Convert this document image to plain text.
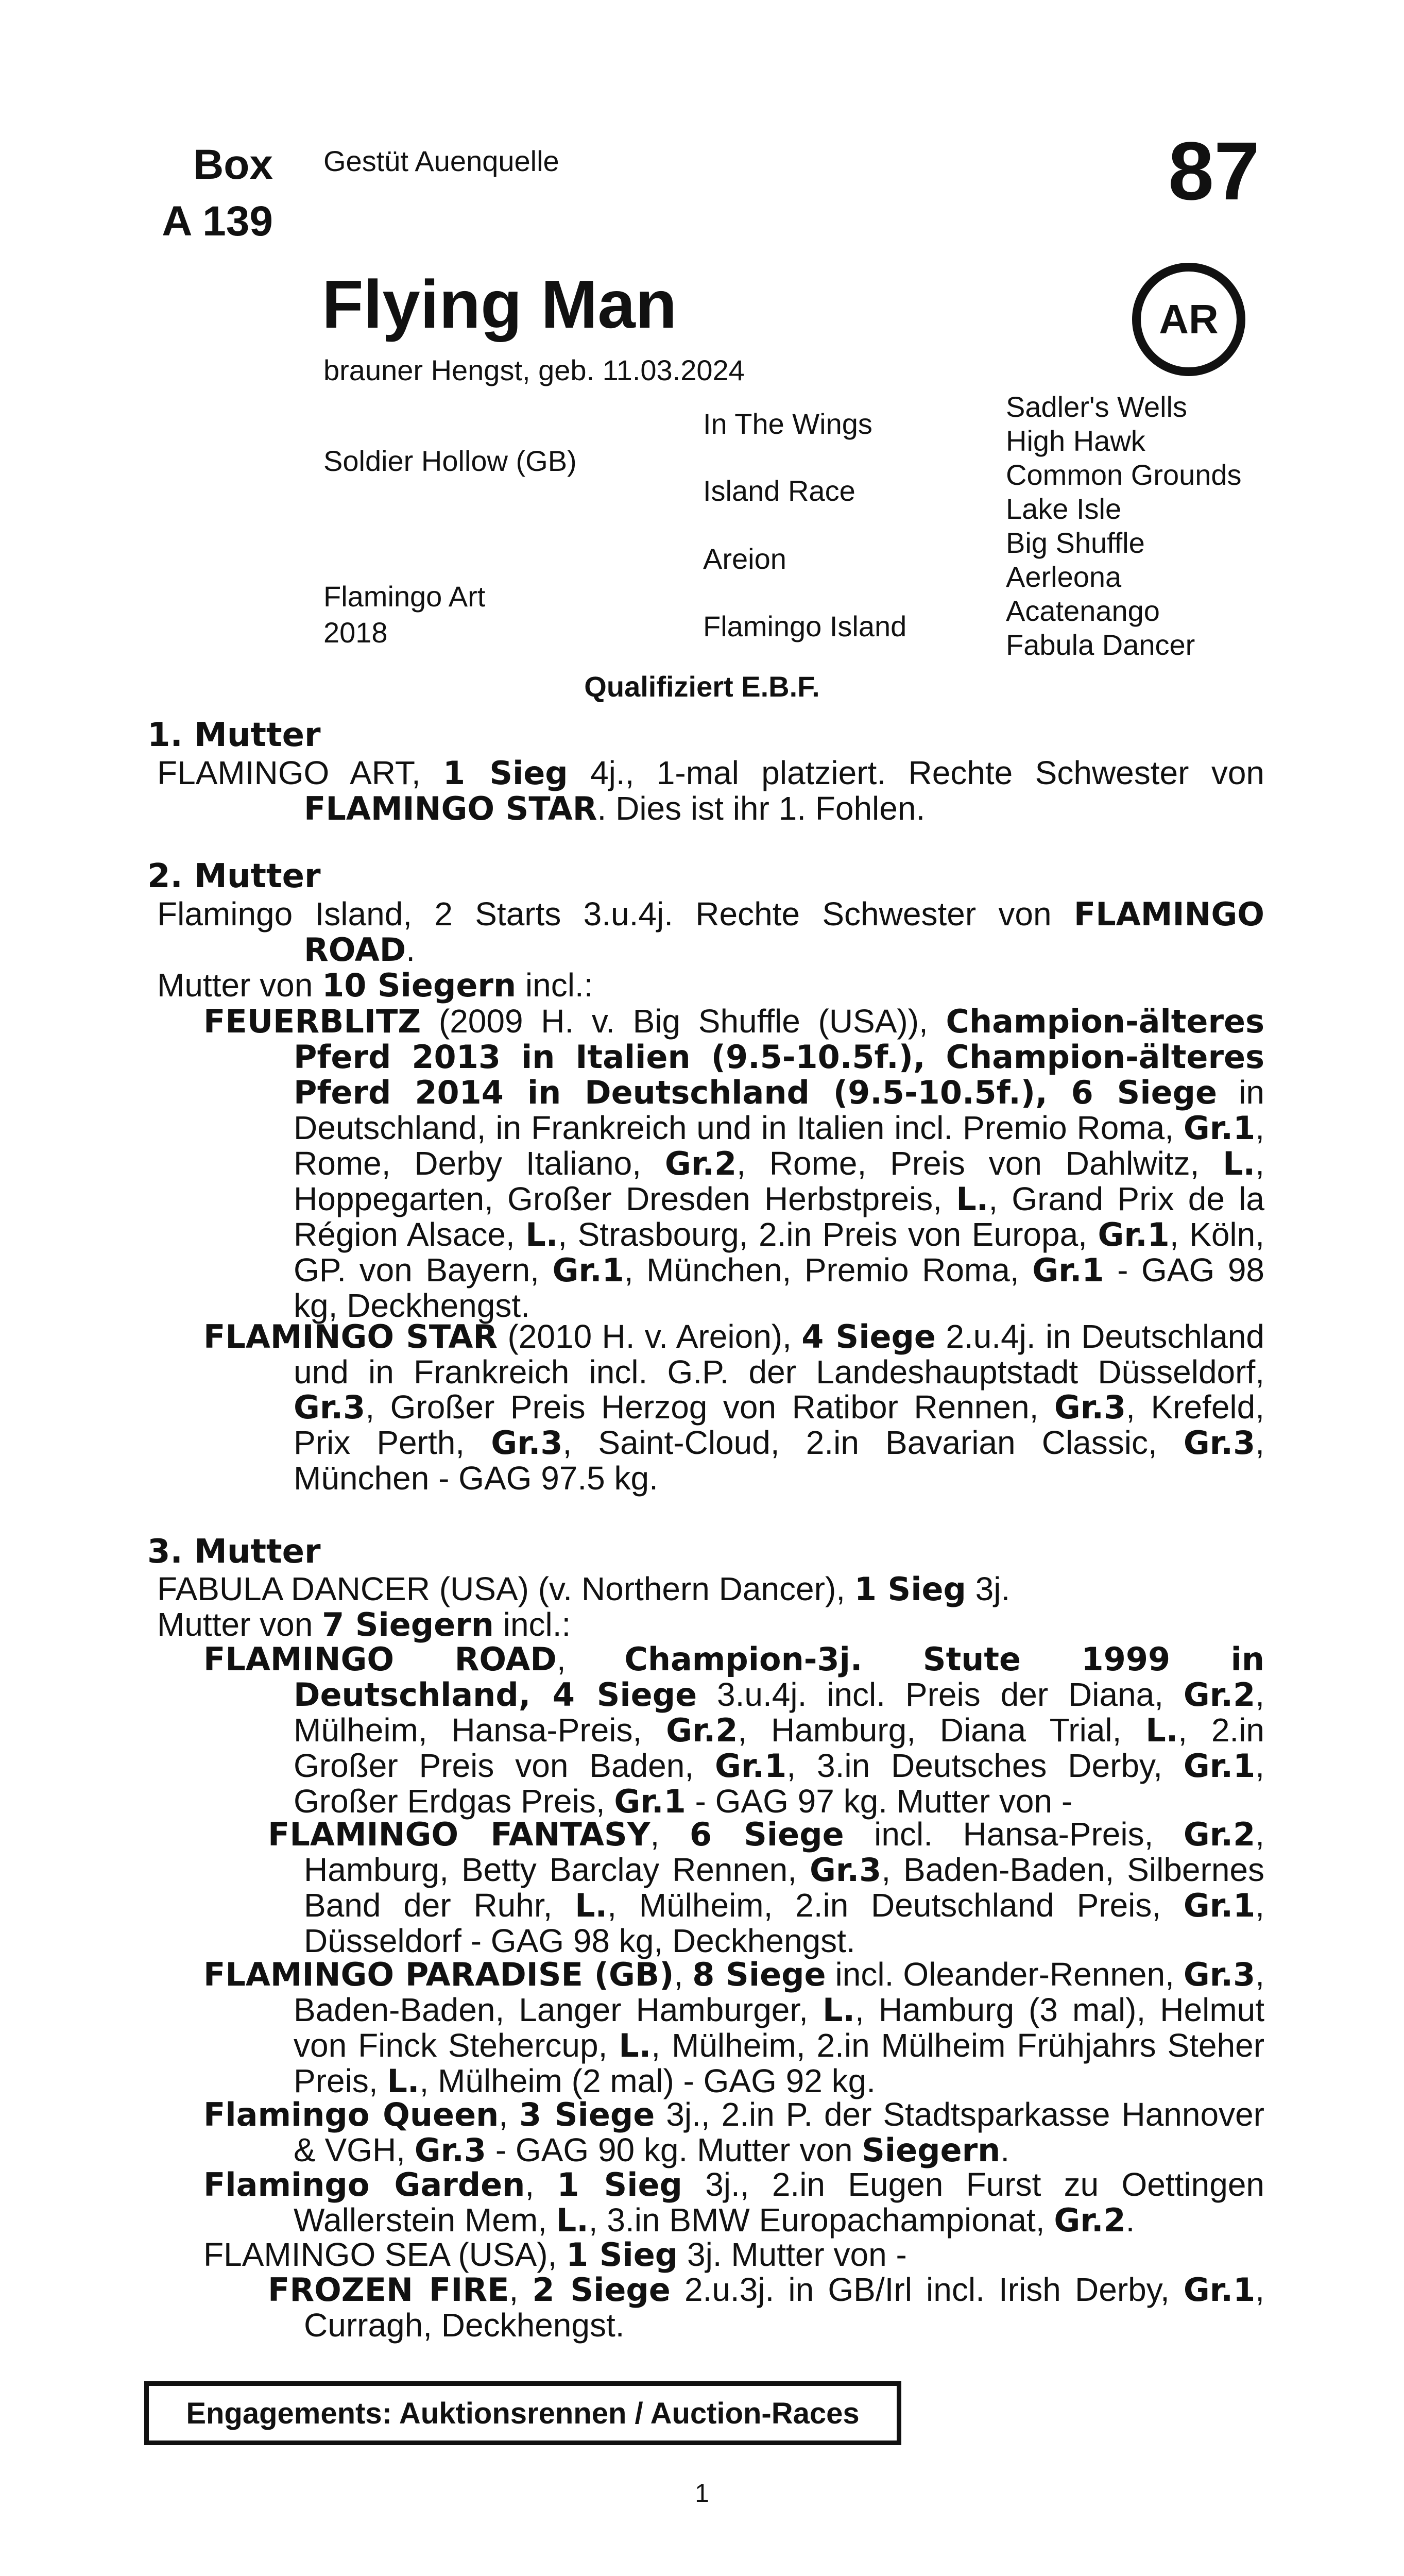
Box
A 139
Gestüt Auenquelle	87
AR
Flying Man
brauner Hengst, geb. 11.03.2024
Soldier Hollow (GB)
Flamingo Art
2018
In The Wings
Island Race
Areion
Flamingo Island
Sadler's Wells
High Hawk
Common Grounds
Lake Isle
Big Shuffle
Aerleona
Acatenango
Fabula Dancer
Qualifiziert E.B.F.
1. Mutter
FLAMINGO ART, 1 Sieg 4j., 1-mal platziert. Rechte Schwester von FLAMINGO STAR. Dies ist ihr 1. Fohlen.
2. Mutter
Flamingo Island, 2 Starts 3.u.4j. Rechte Schwester von FLAMINGO ROAD.
Mutter von 10 Siegern incl.:
FEUERBLITZ (2009 H. v. Big Shuffle (USA)), Champion-älteres Pferd 2013 in Italien (9.5-10.5f.), Champion-älteres Pferd 2014 in Deutschland (9.5-10.5f.), 6 Siege in Deutschland, in Frankreich und in Italien incl. Premio Roma, Gr.1, Rome, Derby Italiano, Gr.2, Rome, Preis von Dahlwitz, L., Hoppegarten, Großer Dresden Herbstpreis, L., Grand Prix de la Région Alsace, L., Strasbourg, 2.in Preis von Europa, Gr.1, Köln, GP. von Bayern, Gr.1, München, Premio Roma, Gr.1 - GAG 98 kg, Deckhengst.
FLAMINGO STAR (2010 H. v. Areion), 4 Siege 2.u.4j. in Deutschland und in Frankreich incl. G.P. der Landeshauptstadt Düsseldorf, Gr.3, Großer Preis Herzog von Ratibor Rennen, Gr.3, Krefeld, Prix Perth, Gr.3, Saint-Cloud, 2.in Bavarian Classic, Gr.3, München - GAG 97.5 kg.
3. Mutter
FABULA DANCER (USA) (v. Northern Dancer), 1 Sieg 3j.
Mutter von 7 Siegern incl.:
FLAMINGO ROAD, Champion-3j. Stute 1999 in Deutschland, 4 Siege 3.u.4j. incl. Preis der Diana, Gr.2, Mülheim, Hansa-Preis, Gr.2, Hamburg, Diana Trial, L., 2.in Großer Preis von Baden, Gr.1, 3.in Deutsches Derby, Gr.1, Großer Erdgas Preis, Gr.1 - GAG 97 kg. Mutter von -
FLAMINGO FANTASY, 6 Siege incl. Hansa-Preis, Gr.2, Hamburg, Betty Barclay Rennen, Gr.3, Baden-Baden, Silbernes Band der Ruhr, L., Mülheim, 2.in Deutschland Preis, Gr.1, Düsseldorf - GAG 98 kg, Deckhengst.
FLAMINGO PARADISE (GB), 8 Siege incl. Oleander-Rennen, Gr.3, Baden-Baden, Langer Hamburger, L., Hamburg (3 mal), Helmut von Finck Stehercup, L., Mülheim, 2.in Mülheim Frühjahrs Steher Preis, L., Mülheim (2 mal) - GAG 92 kg.
Flamingo Queen, 3 Siege 3j., 2.in P. der Stadtsparkasse Hannover & VGH, Gr.3 - GAG 90 kg. Mutter von Siegern.
Flamingo Garden, 1 Sieg 3j., 2.in Eugen Furst zu Oettingen Wallerstein Mem, L., 3.in BMW Europachampionat, Gr.2.
FLAMINGO SEA (USA), 1 Sieg 3j. Mutter von -
FROZEN FIRE, 2 Siege 2.u.3j. in GB/Irl incl. Irish Derby, Gr.1, Curragh, Deckhengst.
Engagements: Auktionsrennen / Auction-Races
1
